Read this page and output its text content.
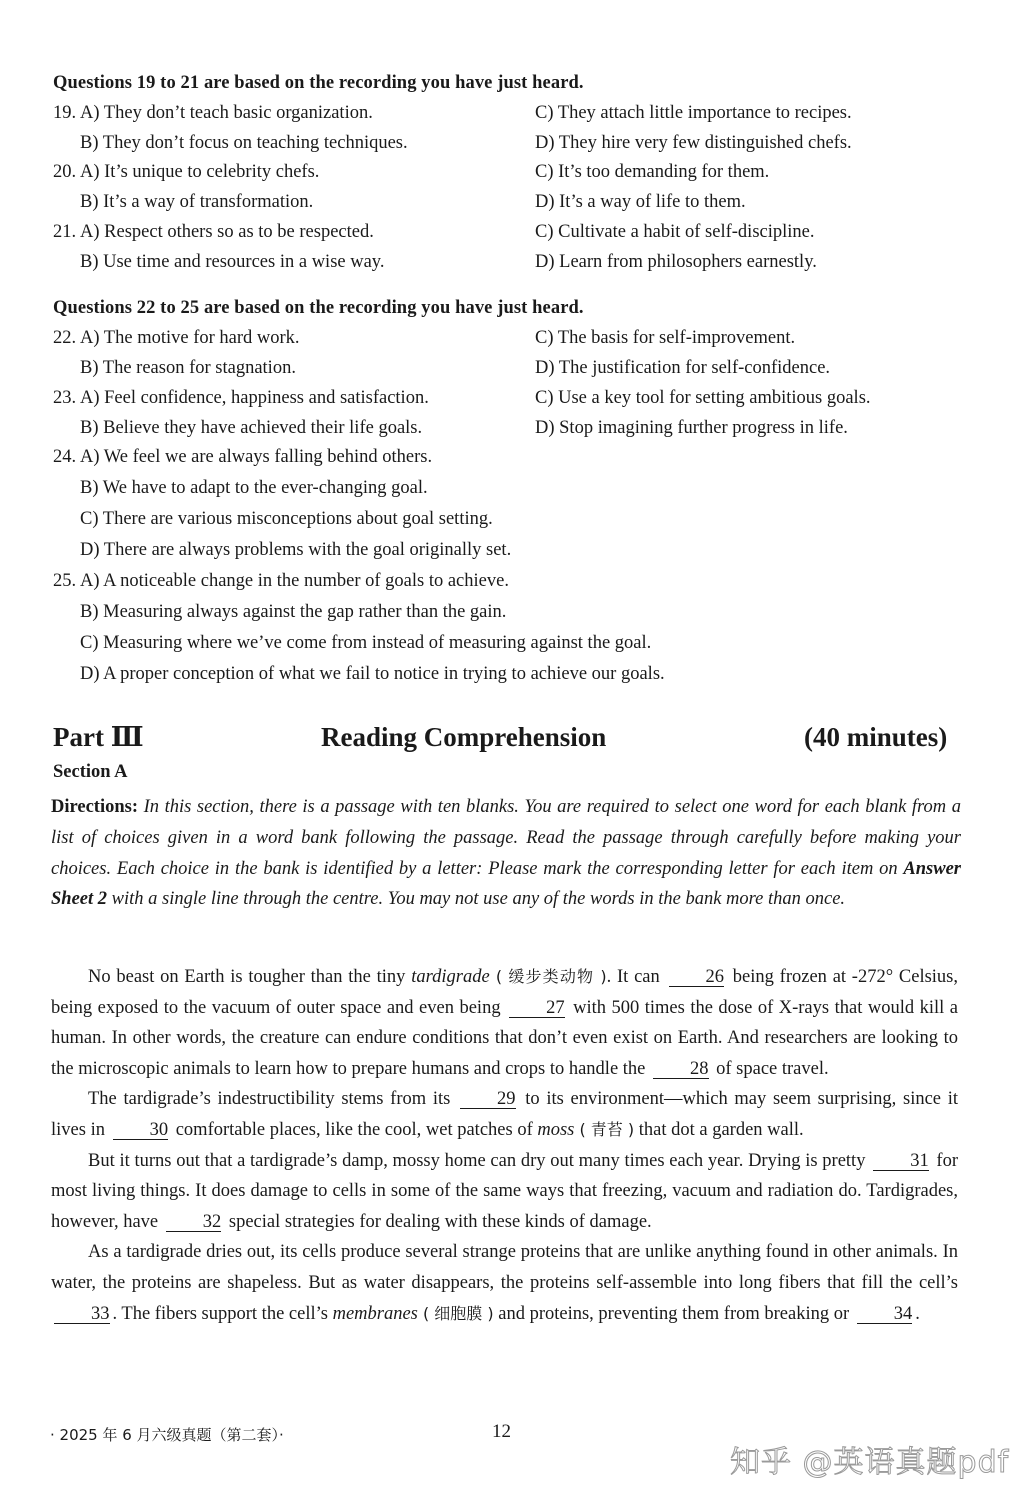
Questions 19 to 21 are based on the recording you have just heard.
19. A) They don’t teach basic organization.	C) They attach little importance to recipes.
B) They don’t focus on teaching techniques.	D) They hire very few distinguished chefs.
20. A) It’s unique to celebrity chefs.	C) It’s too demanding for them.
B) It’s a way of transformation.	D) It’s a way of life to them.
21. A) Respect others so as to be respected.	C) Cultivate a habit of self-discipline.
B) Use time and resources in a wise way.	D) Learn from philosophers earnestly.
Questions 22 to 25 are based on the recording you have just heard.
22. A) The motive for hard work.	C) The basis for self-improvement.
B) The reason for stagnation.	D) The justification for self-confidence.
23. A) Feel confidence, happiness and satisfaction.	C) Use a key tool for setting ambitious goals.
B) Believe they have achieved their life goals.	D) Stop imagining further progress in life.
24. A) We feel we are always falling behind others.
B) We have to adapt to the ever-changing goal.
C) There are various misconceptions about goal setting.
D) There are always problems with the goal originally set.
25. A) A noticeable change in the number of goals to achieve.
B) Measuring always against the gap rather than the gain.
C) Measuring where we’ve come from instead of measuring against the goal.
D) A proper conception of what we fail to notice in trying to achieve our goals.
Part Ⅲ	Reading Comprehension	(40 minutes)
Section A
Directions: In this section, there is a passage with ten blanks. You are required to select one word for each blank from a list of choices given in a word bank following the passage. Read the passage through carefully before making your choices. Each choice in the bank is identified by a letter: Please mark the corresponding letter for each item on Answer Sheet 2 with a single line through the centre. You may not use any of the words in the bank more than once.

No beast on Earth is tougher than the tiny tardigrade ( 缓步类动物 ). It can 26 being frozen at -272° Celsius, being exposed to the vacuum of outer space and even being 27 with 500 times the dose of X-rays that would kill a human. In other words, the creature can endure conditions that don’t even exist on Earth. And researchers are looking to the microscopic animals to learn how to prepare humans and crops to handle the 28 of space travel.

The tardigrade’s indestructibility stems from its 29 to its environment—which may seem surprising, since it lives in 30 comfortable places, like the cool, wet patches of moss ( 青苔 ) that dot a garden wall.

But it turns out that a tardigrade’s damp, mossy home can dry out many times each year. Drying is pretty 31 for most living things. It does damage to cells in some of the same ways that freezing, vacuum and radiation do. Tardigrades, however, have 32 special strategies for dealing with these kinds of damage.

As a tardigrade dries out, its cells produce several strange proteins that are unlike anything found in other animals. In water, the proteins are shapeless. But as water disappears, the proteins self-assemble into long fibers that fill the cell’s 33 . The fibers support the cell’s membranes ( 细胞膜 ) and proteins, preventing them from breaking or 34 .

· 2025 年 6 月六级真题（第二套）·	12
知乎 @英语真题pdf
